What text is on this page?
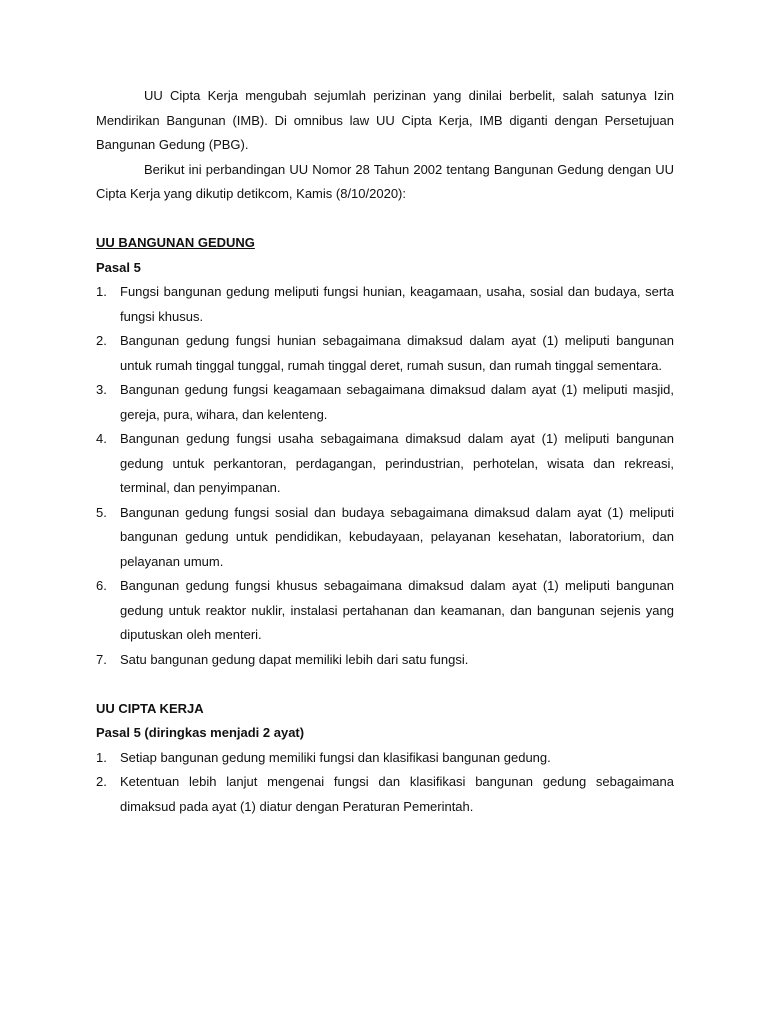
UU Cipta Kerja mengubah sejumlah perizinan yang dinilai berbelit, salah satunya Izin Mendirikan Bangunan (IMB). Di omnibus law UU Cipta Kerja, IMB diganti dengan Persetujuan Bangunan Gedung (PBG).

Berikut ini perbandingan UU Nomor 28 Tahun 2002 tentang Bangunan Gedung dengan UU Cipta Kerja yang dikutip detikcom, Kamis (8/10/2020):

UU BANGUNAN GEDUNG

Pasal 5

1.	Fungsi bangunan gedung meliputi fungsi hunian, keagamaan, usaha, sosial dan budaya, serta fungsi khusus.
2.	Bangunan gedung fungsi hunian sebagaimana dimaksud dalam ayat (1) meliputi bangunan untuk rumah tinggal tunggal, rumah tinggal deret, rumah susun, dan rumah tinggal sementara.
3.	Bangunan gedung fungsi keagamaan sebagaimana dimaksud dalam ayat (1) meliputi masjid, gereja, pura, wihara, dan kelenteng.
4.	Bangunan gedung fungsi usaha sebagaimana dimaksud dalam ayat (1) meliputi bangunan gedung untuk perkantoran, perdagangan, perindustrian, perhotelan, wisata dan rekreasi, terminal, dan penyimpanan.
5.	Bangunan gedung fungsi sosial dan budaya sebagaimana dimaksud dalam ayat (1) meliputi bangunan gedung untuk pendidikan, kebudayaan, pelayanan kesehatan, laboratorium, dan pelayanan umum.
6.	Bangunan gedung fungsi khusus sebagaimana dimaksud dalam ayat (1) meliputi bangunan gedung untuk reaktor nuklir, instalasi pertahanan dan keamanan, dan bangunan sejenis yang diputuskan oleh menteri.
7.	Satu bangunan gedung dapat memiliki lebih dari satu fungsi.

UU CIPTA KERJA

Pasal 5 (diringkas menjadi 2 ayat)

1.	Setiap bangunan gedung memiliki fungsi dan klasifikasi bangunan gedung.
2.	Ketentuan lebih lanjut mengenai fungsi dan klasifikasi bangunan gedung sebagaimana dimaksud pada ayat (1) diatur dengan Peraturan Pemerintah.
